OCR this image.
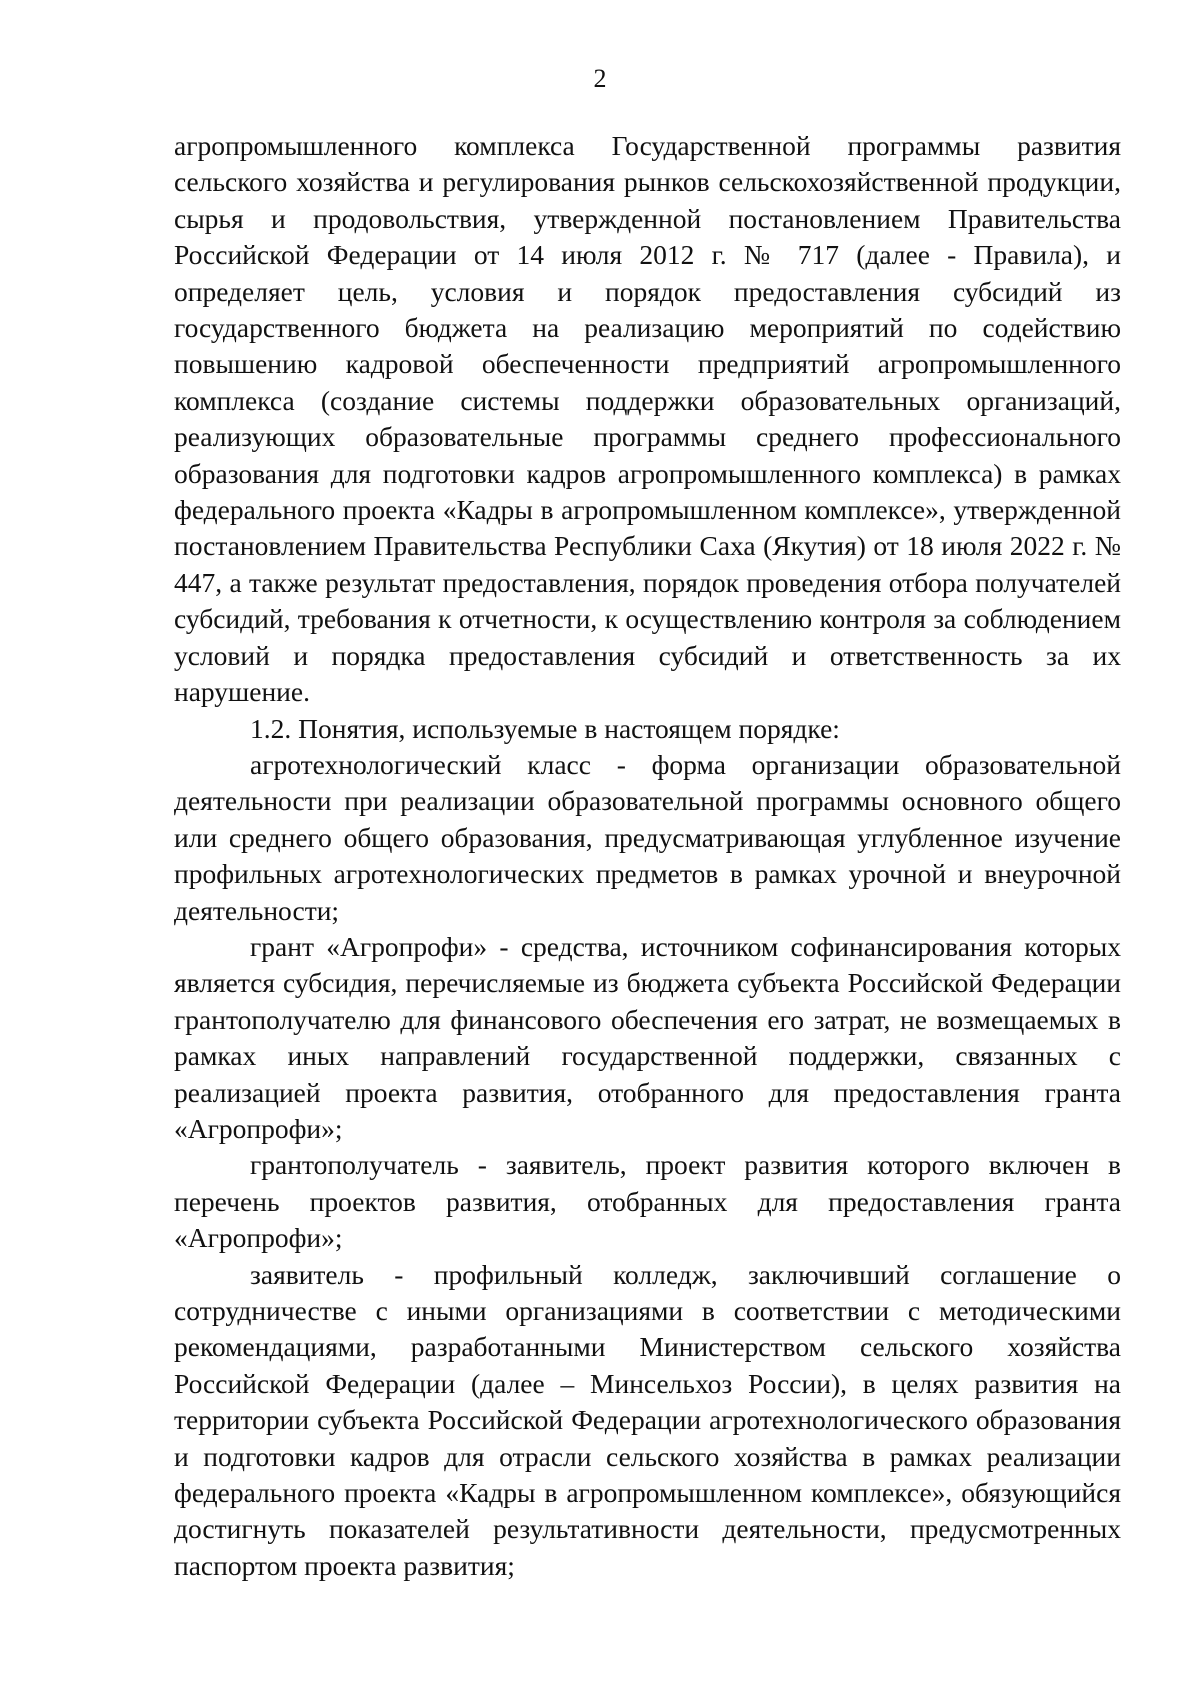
2

агропромышленного комплекса Государственной программы развития сельского хозяйства и регулирования рынков сельскохозяйственной продукции, сырья и продовольствия, утвержденной постановлением Правительства Российской Федерации от 14 июля 2012 г. № 717 (далее - Правила), и определяет цель, условия и порядок предоставления субсидий из государственного бюджета на реализацию мероприятий по содействию повышению кадровой обеспеченности предприятий агропромышленного комплекса (создание системы поддержки образовательных организаций, реализующих образовательные программы среднего профессионального образования для подготовки кадров агропромышленного комплекса) в рамках федерального проекта «Кадры в агропромышленном комплексе», утвержденной постановлением Правительства Республики Саха (Якутия) от 18 июля 2022 г. № 447, а также результат предоставления, порядок проведения отбора получателей субсидий, требования к отчетности, к осуществлению контроля за соблюдением условий и порядка предоставления субсидий и ответственность за их нарушение.

1.2. Понятия, используемые в настоящем порядке:

агротехнологический класс - форма организации образовательной деятельности при реализации образовательной программы основного общего или среднего общего образования, предусматривающая углубленное изучение профильных агротехнологических предметов в рамках урочной и внеурочной деятельности;

грант «Агропрофи» - средства, источником софинансирования которых является субсидия, перечисляемые из бюджета субъекта Российской Федерации грантополучателю для финансового обеспечения его затрат, не возмещаемых в рамках иных направлений государственной поддержки, связанных с реализацией проекта развития, отобранного для предоставления гранта «Агропрофи»;

грантополучатель - заявитель, проект развития которого включен в перечень проектов развития, отобранных для предоставления гранта «Агропрофи»;

заявитель - профильный колледж, заключивший соглашение о сотрудничестве с иными организациями в соответствии с методическими рекомендациями, разработанными Министерством сельского хозяйства Российской Федерации (далее – Минсельхоз России), в целях развития на территории субъекта Российской Федерации агротехнологического образования и подготовки кадров для отрасли сельского хозяйства в рамках реализации федерального проекта «Кадры в агропромышленном комплексе», обязующийся достигнуть показателей результативности деятельности, предусмотренных паспортом проекта развития;
